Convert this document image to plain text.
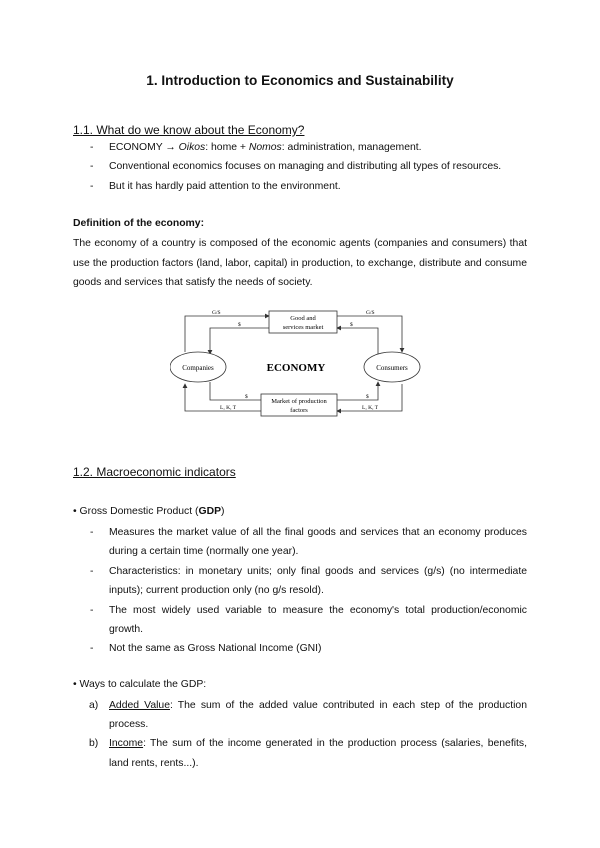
1. Introduction to Economics and Sustainability
1.1. What do we know about the Economy?
- ECONOMY → Oikos: home + Nomos: administration, management.
- Conventional economics focuses on managing and distributing all types of resources.
- But it has hardly paid attention to the environment.
Definition of the economy:
The economy of a country is composed of the economic agents (companies and consumers) that use the production factors (land, labor, capital) in production, to exchange, distribute and consume goods and services that satisfy the needs of society.
Good and
services market
Market of production
factors
Companies	Consumers
ECONOMY
G/S	G/S
$	$
$	$
L, K, T	L, K, T
1.2. Macroeconomic indicators
• Gross Domestic Product (GDP)
- Measures the market value of all the final goods and services that an economy produces during a certain time (normally one year).
- Characteristics: in monetary units; only final goods and services (g/s) (no intermediate inputs); current production only (no g/s resold).
- The most widely used variable to measure the economy's total production/economic growth.
- Not the same as Gross National Income (GNI)
• Ways to calculate the GDP:
a) Added Value: The sum of the added value contributed in each step of the production process.
b) Income: The sum of the income generated in the production process (salaries, benefits, land rents, rents...).
